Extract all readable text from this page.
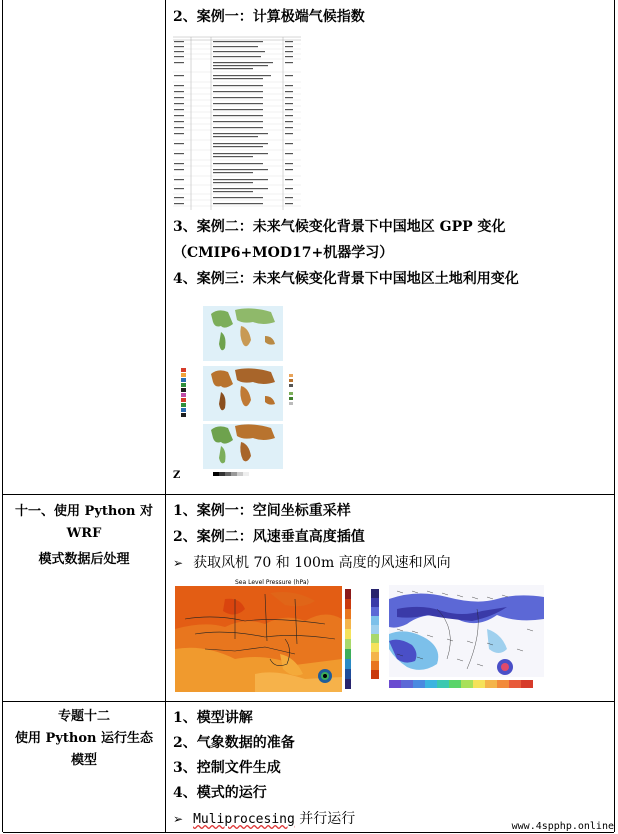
2、案例一：计算极端气候指数
3、案例二：未来气候变化背景下中国地区 GPP 变化（CMIP6+MOD17+机器学习）
4、案例三：未来气候变化背景下中国地区土地利用变化
Z
十一、使用 Python 对 WRF
模式数据后处理
1、案例一：空间坐标重采样
2、案例二：风速垂直高度插值
➢ 获取风机 70 和 100m 高度的风速和风向
Sea Level Pressure (hPa)
专题十二
使用 Python 运行生态
模型
1、模型讲解
2、气象数据的准备
3、控制文件生成
4、模式的运行
➢ Muliprocesing 并行运行	www.4spphp.online
